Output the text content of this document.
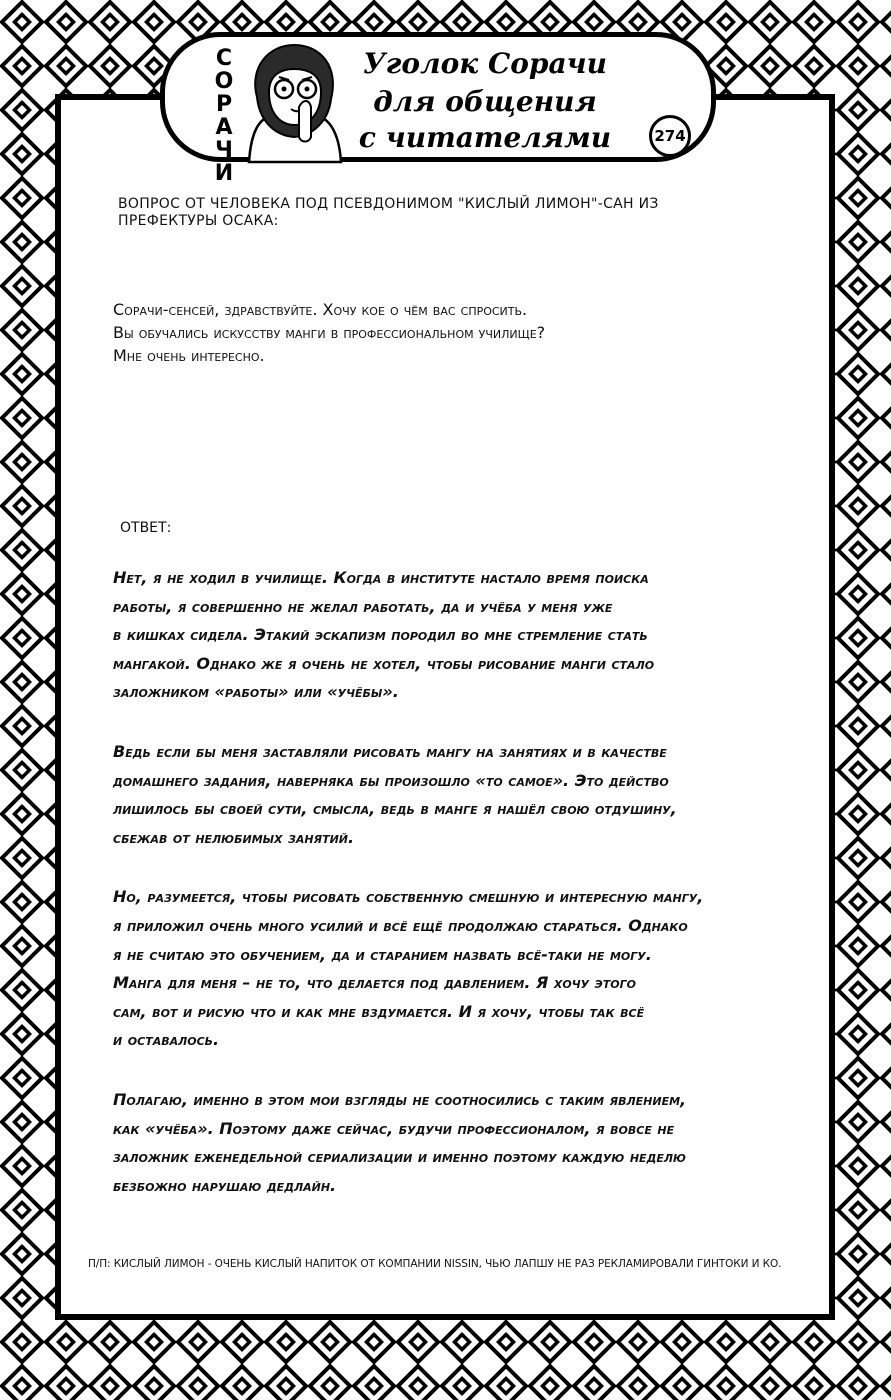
СОРАЧИ
Уголок Сорачи
для общения
с читателями	274
ВОПРОС ОТ ЧЕЛОВЕКА ПОД ПСЕВДОНИМОМ "КИСЛЫЙ ЛИМОН"-САН ИЗ ПРЕФЕКТУРЫ ОСАКА:

Сорачи-сенсей, здравствуйте. Хочу кое о чём вас спросить.

Вы обучались искусству манги в профессиональном училище?

Мне очень интересно.

ОТВЕТ:

Нет, я не ходил в училище. Когда в институте настало время поиска

работы, я совершенно не желал работать, да и учёба у меня уже

в кишках сидела. Этакий эскапизм породил во мне стремление стать

мангакой. Однако же я очень не хотел, чтобы рисование манги стало

заложником «работы» или «учёбы».

Ведь если бы меня заставляли рисовать мангу на занятиях и в качестве

домашнего задания, наверняка бы произошло «то самое». Это действо

лишилось бы своей сути, смысла, ведь в манге я нашёл свою отдушину,

сбежав от нелюбимых занятий.

Но, разумеется, чтобы рисовать собственную смешную и интересную мангу,

я приложил очень много усилий и всё ещё продолжаю стараться. Однако

я не считаю это обучением, да и старанием назвать всё-таки не могу.

Манга для меня – не то, что делается под давлением. Я хочу этого

сам, вот и рисую что и как мне вздумается. И я хочу, чтобы так всё

и оставалось.

Полагаю, именно в этом мои взгляды не соотносились с таким явлением,

как «учёба». Поэтому даже сейчас, будучи профессионалом, я вовсе не

заложник еженедельной сериализации и именно поэтому каждую неделю

безбожно нарушаю дедлайн.

П/П: КИСЛЫЙ ЛИМОН - ОЧЕНЬ КИСЛЫЙ НАПИТОК ОТ КОМПАНИИ NISSIN, ЧЬЮ ЛАПШУ НЕ РАЗ РЕКЛАМИРОВАЛИ ГИНТОКИ И КО.
